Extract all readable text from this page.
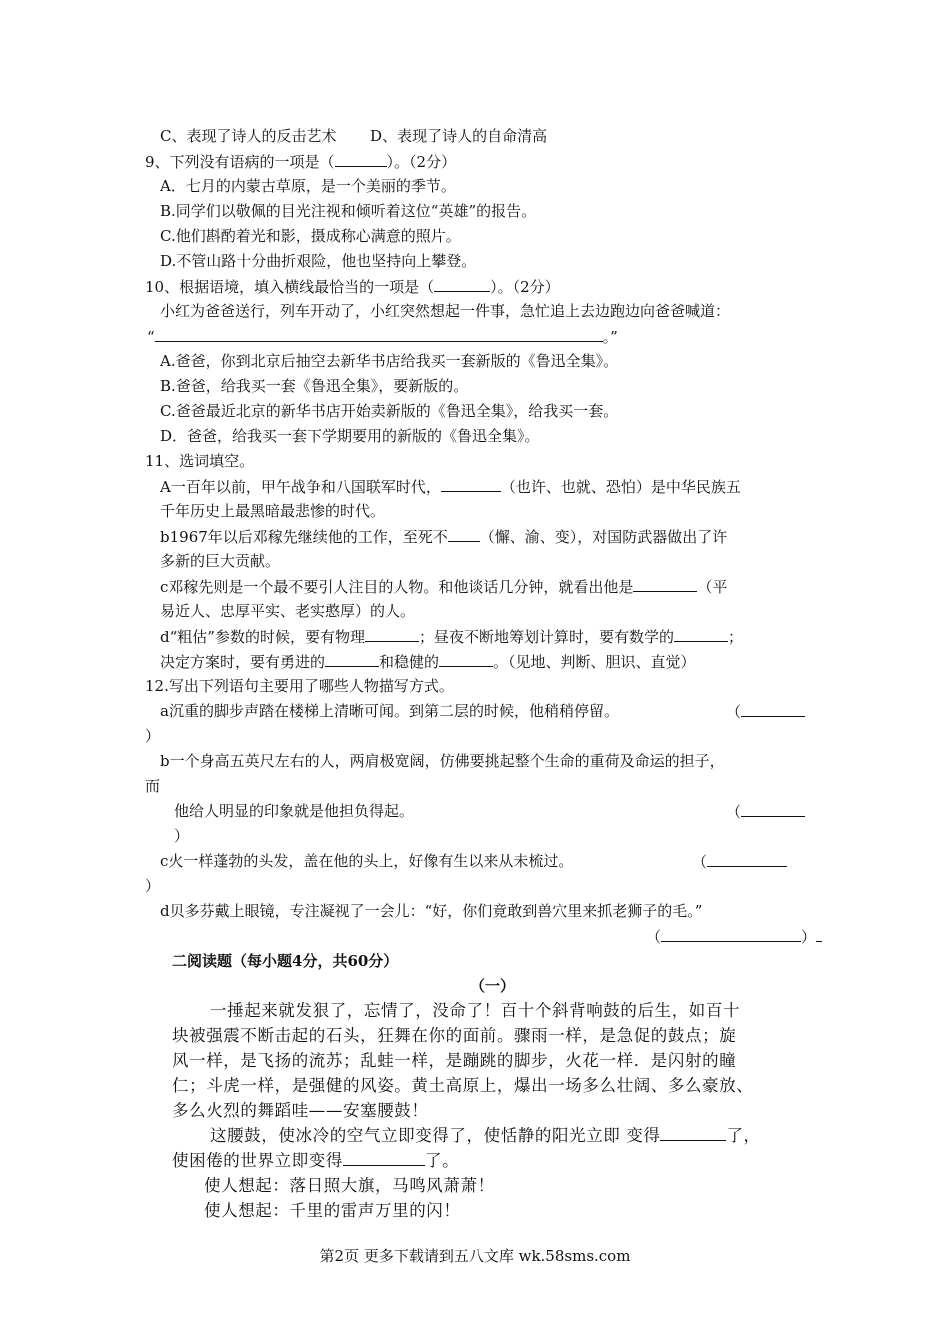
C、表现了诗人的反击艺术 D、表现了诗人的自命清高
9、下列没有语病的一项是（	）。（2分）
A．七月的内蒙古草原，是一个美丽的季节。
B.同学们以敬佩的目光注视和倾听着这位“英雄”的报告。
C.他们斟酌着光和影，摄成称心满意的照片。
D.不管山路十分曲折艰险，他也坚持向上攀登。
10、根据语境，填入横线最恰当的一项是（	）。（2分）
小红为爸爸送行，列车开动了，小红突然想起一件事，急忙追上去边跑边向爸爸喊道：
“	。”
A.爸爸，你到北京后抽空去新华书店给我买一套新版的《鲁迅全集》。
B.爸爸，给我买一套《鲁迅全集》，要新版的。
C.爸爸最近北京的新华书店开始卖新版的《鲁迅全集》，给我买一套。
D．爸爸，给我买一套下学期要用的新版的《鲁迅全集》。
11、选词填空。
A一百年以前，甲午战争和八国联军时代，	（也许、也就、恐怕）是中华民族五
千年历史上最黑暗最悲惨的时代。
b1967年以后邓稼先继续他的工作，至死不 （懈、渝、变），对国防武器做出了许
多新的巨大贡献。
c邓稼先则是一个最不要引人注目的人物。和他谈话几分钟，就看出他是	（平
易近人、忠厚平实、老实憨厚）的人。
d“粗估”参数的时候，要有物理	；昼夜不断地筹划计算时，要有数学的	；
决定方案时，要有勇进的	和稳健的	。（见地、判断、胆识、直觉）
12.写出下列语句主要用了哪些人物描写方式。
a沉重的脚步声踏在楼梯上清晰可闻。到第二层的时候，他稍稍停留。	（
）
b一个身高五英尺左右的人，两肩极宽阔，仿佛要挑起整个生命的重荷及命运的担子，
而
他给人明显的印象就是他担负得起。	（
）
c火一样蓬勃的头发，盖在他的头上，好像有生以来从未梳过。	（
）
d贝多芬戴上眼镜，专注凝视了一会儿：“好，你们竟敢到兽穴里来抓老狮子的毛。”
（	）
二阅读题（每小题4分，共60分）
（一）
一捶起来就发狠了，忘情了，没命了！百十个斜背响鼓的后生，如百十
块被强震不断击起的石头，狂舞在你的面前。骤雨一样，是急促的鼓点；旋
风一样，是飞扬的流苏；乱蛙一样，是蹦跳的脚步，火花一样．是闪射的瞳
仁；斗虎一样，是强健的风姿。黄土高原上，爆出一场多么壮阔、多么豪放、
多么火烈的舞蹈哇——安塞腰鼓！
这腰鼓，使冰冷的空气立即变得了，使恬静的阳光立即 变得	了，
使困倦的世界立即变得	了。
使人想起：落日照大旗，马鸣风萧萧！
使人想起：千里的雷声万里的闪！
第2页 更多下载请到五八文库 wk.58sms.com
